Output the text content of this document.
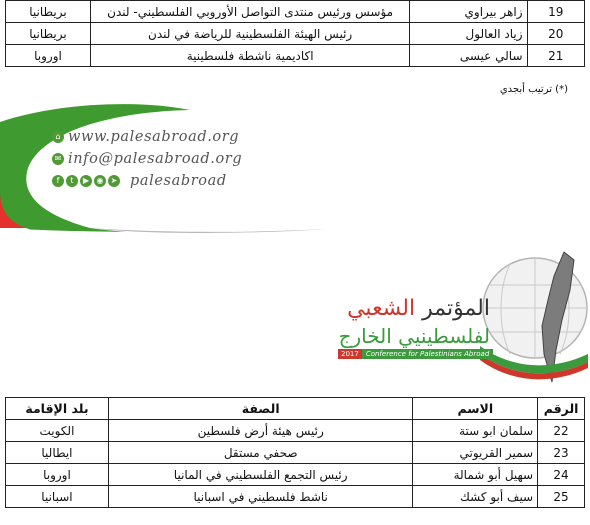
19	زاهر بيراوي	مؤسس ورئيس منتدى التواصل الأوروبي الفلسطيني- لندن	بريطانيا
20	زياد العالول	رئيس الهيئة الفلسطينية للرياضة في لندن	بريطانيا
21	سالي عيسى	اكاديمية ناشطة فلسطينية	اوروبا
(*) ترتيب أبجدي
⌂ www.palesabroad.org
✉ info@palesabroad.org
f	t	▶ ◉ ➤ palesabroad
المؤتمر الشعبي
لفلسطينيي الخارج
2017	Conference for Palestinians Abroad
الرقم	الاسم	الصفة	بلد الإقامة
22	سلمان ابو ستة	رئيس هيئة أرض فلسطين	الكويت
23	سمير القريوتي	صحفي مستقل	ايطاليا
24	سهيل أبو شمالة	رئيس التجمع الفلسطيني في المانيا	اوروبا
25	سيف أبو كشك	ناشط فلسطيني في اسبانيا	اسبانيا
